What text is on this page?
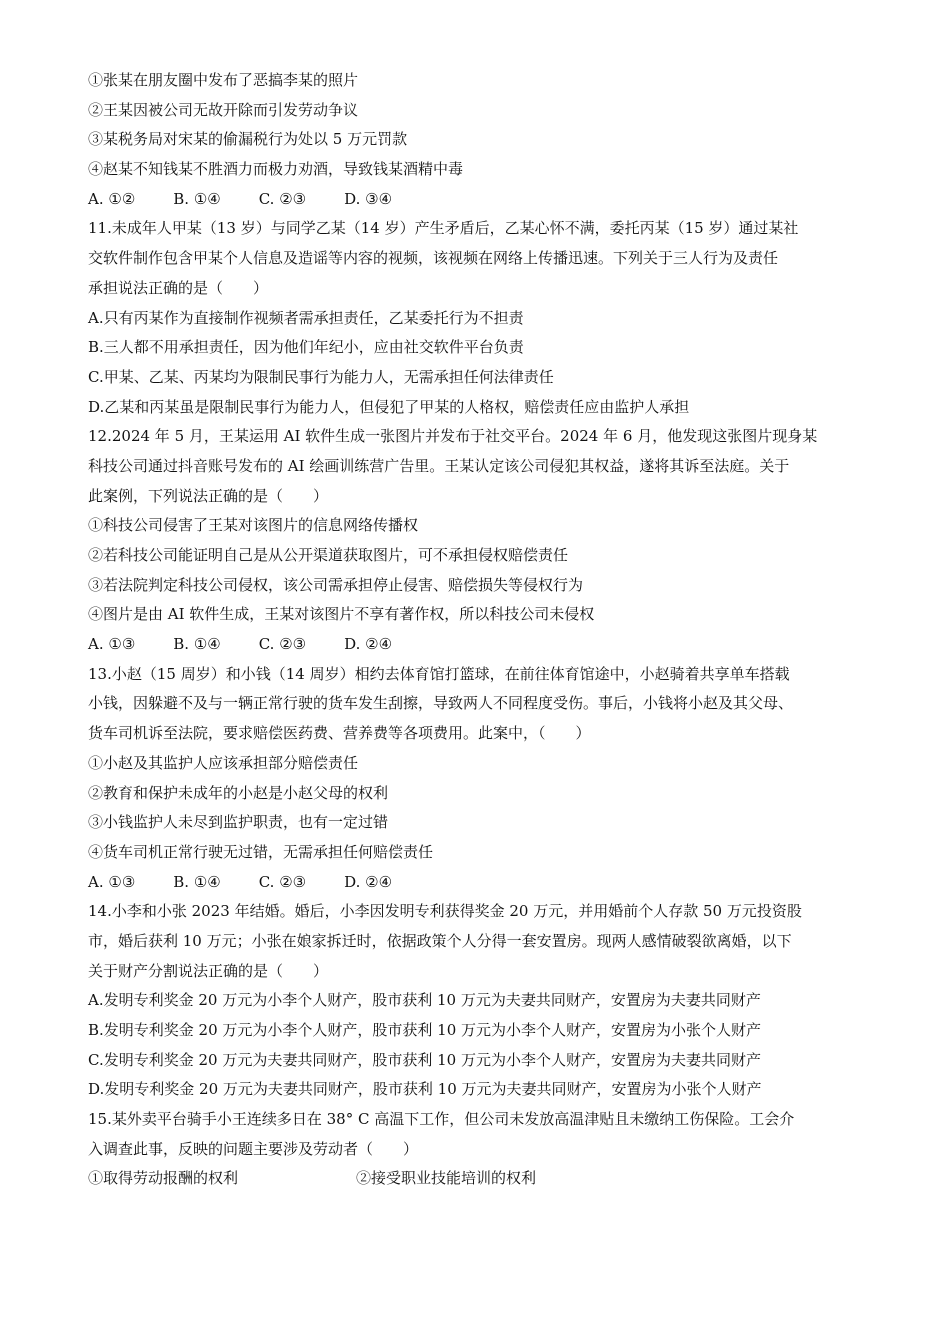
①张某在朋友圈中发布了恶搞李某的照片
②王某因被公司无故开除而引发劳动争议
③某税务局对宋某的偷漏税行为处以 5 万元罚款
④赵某不知钱某不胜酒力而极力劝酒，导致钱某酒精中毒
A. ①②	B. ①④	C. ②③	D. ③④
11.未成年人甲某（13 岁）与同学乙某（14 岁）产生矛盾后，乙某心怀不满，委托丙某（15 岁）通过某社
交软件制作包含甲某个人信息及造谣等内容的视频，该视频在网络上传播迅速。下列关于三人行为及责任
承担说法正确的是（　　）
A.只有丙某作为直接制作视频者需承担责任，乙某委托行为不担责
B.三人都不用承担责任，因为他们年纪小，应由社交软件平台负责
C.甲某、乙某、丙某均为限制民事行为能力人，无需承担任何法律责任
D.乙某和丙某虽是限制民事行为能力人，但侵犯了甲某的人格权，赔偿责任应由监护人承担
12.2024 年 5 月，王某运用 AI 软件生成一张图片并发布于社交平台。2024 年 6 月，他发现这张图片现身某
科技公司通过抖音账号发布的 AI 绘画训练营广告里。王某认定该公司侵犯其权益，遂将其诉至法庭。关于
此案例，下列说法正确的是（　　）
①科技公司侵害了王某对该图片的信息网络传播权
②若科技公司能证明自己是从公开渠道获取图片，可不承担侵权赔偿责任
③若法院判定科技公司侵权，该公司需承担停止侵害、赔偿损失等侵权行为
④图片是由 AI 软件生成，王某对该图片不享有著作权，所以科技公司未侵权
A. ①③	B. ①④	C. ②③	D. ②④
13.小赵（15 周岁）和小钱（14 周岁）相约去体育馆打篮球，在前往体育馆途中，小赵骑着共享单车搭载
小钱，因躲避不及与一辆正常行驶的货车发生刮擦，导致两人不同程度受伤。事后，小钱将小赵及其父母、
货车司机诉至法院，要求赔偿医药费、营养费等各项费用。此案中，（　　）
①小赵及其监护人应该承担部分赔偿责任
②教育和保护未成年的小赵是小赵父母的权利
③小钱监护人未尽到监护职责，也有一定过错
④货车司机正常行驶无过错，无需承担任何赔偿责任
A. ①③	B. ①④	C. ②③	D. ②④
14.小李和小张 2023 年结婚。婚后，小李因发明专利获得奖金 20 万元，并用婚前个人存款 50 万元投资股
市，婚后获利 10 万元；小张在娘家拆迁时，依据政策个人分得一套安置房。现两人感情破裂欲离婚，以下
关于财产分割说法正确的是（　　）
A.发明专利奖金 20 万元为小李个人财产，股市获利 10 万元为夫妻共同财产，安置房为夫妻共同财产
B.发明专利奖金 20 万元为小李个人财产，股市获利 10 万元为小李个人财产，安置房为小张个人财产
C.发明专利奖金 20 万元为夫妻共同财产，股市获利 10 万元为小李个人财产，安置房为夫妻共同财产
D.发明专利奖金 20 万元为夫妻共同财产，股市获利 10 万元为夫妻共同财产，安置房为小张个人财产
15.某外卖平台骑手小王连续多日在 38° C 高温下工作，但公司未发放高温津贴且未缴纳工伤保险。工会介
入调查此事，反映的问题主要涉及劳动者（　　）
①取得劳动报酬的权利	②接受职业技能培训的权利
